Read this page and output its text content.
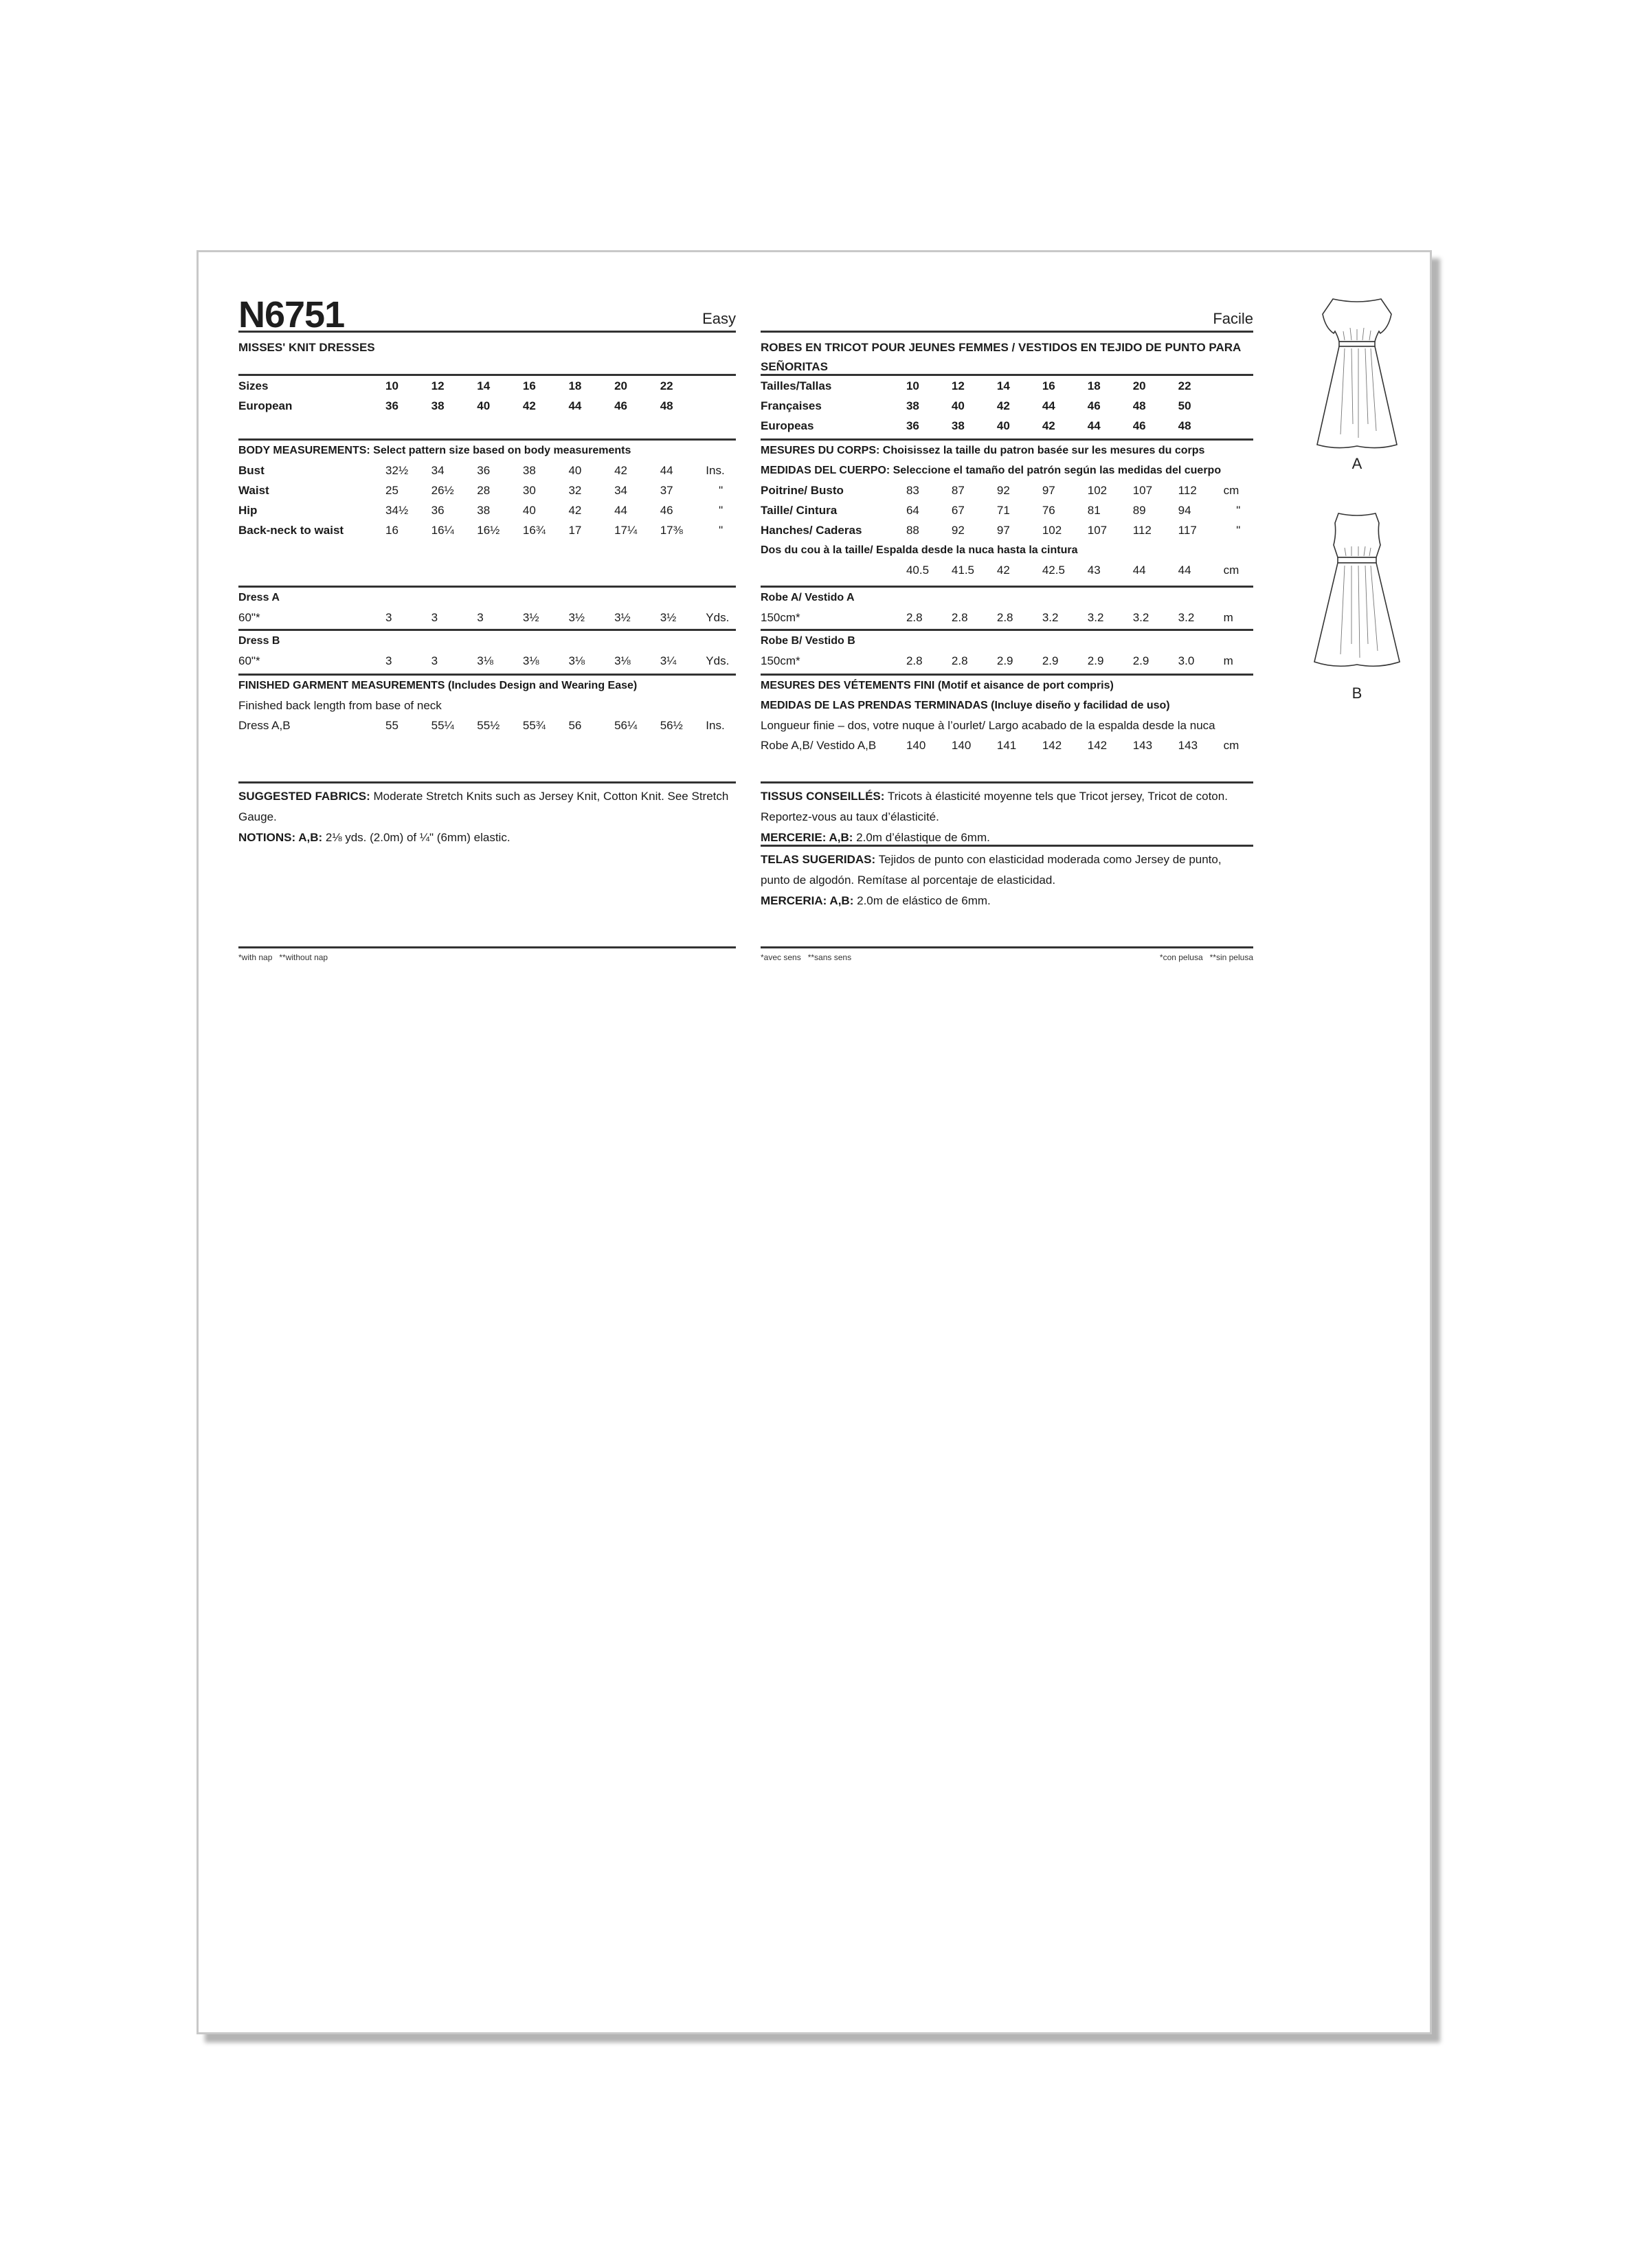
N6751	Easy
MISSES' KNIT DRESSES
Sizes	10	12	14	16	18	20	22	
European	36	38	40	42	44	46	48	
BODY MEASUREMENTS: Select pattern size based on body measurements
Bust	32½	34	36	38	40	42	44	Ins.
Waist	25	26½	28	30	32	34	37	"
Hip	34½	36	38	40	42	44	46	"
Back-neck to waist	16	16¼	16½	16¾	17	17¼	17⅜	"
Dress A
60"*	3	3	3	3½	3½	3½	3½	Yds.
Dress B
60"*	3	3	3⅛	3⅛	3⅛	3⅛	3¼	Yds.
FINISHED GARMENT MEASUREMENTS (Includes Design and Wearing Ease)
Finished back length from base of neck
Dress A,B	55	55¼	55½	55¾	56	56¼	56½	Ins.
SUGGESTED FABRICS: Moderate Stretch Knits such as Jersey Knit, Cotton Knit. See Stretch Gauge.
NOTIONS: A,B: 2⅛ yds. (2.0m) of ¼" (6mm) elastic.
*with nap   **without nap
Facile
ROBES EN TRICOT POUR JEUNES FEMMES / VESTIDOS EN TEJIDO DE PUNTO PARA SEÑORITAS
Tailles/Tallas	10	12	14	16	18	20	22	
Françaises	38	40	42	44	46	48	50	
Europeas	36	38	40	42	44	46	48	
MESURES DU CORPS: Choisissez la taille du patron basée sur les mesures du corps
MEDIDAS DEL CUERPO: Seleccione el tamaño del patrón según las medidas del cuerpo
Poitrine/ Busto	83	87	92	97	102	107	112	cm
Taille/ Cintura	64	67	71	76	81	89	94	"
Hanches/ Caderas	88	92	97	102	107	112	117	"
Dos du cou à la taille/ Espalda desde la nuca hasta la cintura
	40.5	41.5	42	42.5	43	44	44	cm
Robe A/ Vestido A
150cm*	2.8	2.8	2.8	3.2	3.2	3.2	3.2	m
Robe B/ Vestido B
150cm*	2.8	2.8	2.9	2.9	2.9	2.9	3.0	m
MESURES DES VÉTEMENTS FINI (Motif et aisance de port compris)
MEDIDAS DE LAS PRENDAS TERMINADAS (Incluye diseño y facilidad de uso)
Longueur finie – dos, votre nuque à l’ourlet/ Largo acabado de la espalda desde la nuca
Robe A,B/ Vestido A,B	140	140	141	142	142	143	143	cm
TISSUS CONSEILLÉS: Tricots à élasticité moyenne tels que Tricot jersey, Tricot de coton. Reportez-vous au taux d’élasticité.
MERCERIE: A,B: 2.0m d’élastique de 6mm.
TELAS SUGERIDAS: Tejidos de punto con elasticidad moderada como Jersey de punto, punto de algodón. Remítase al porcentaje de elasticidad.
MERCERIA: A,B: 2.0m de elástico de 6mm.
*avec sens   **sans sens	*con pelusa   **sin pelusa
A
B
